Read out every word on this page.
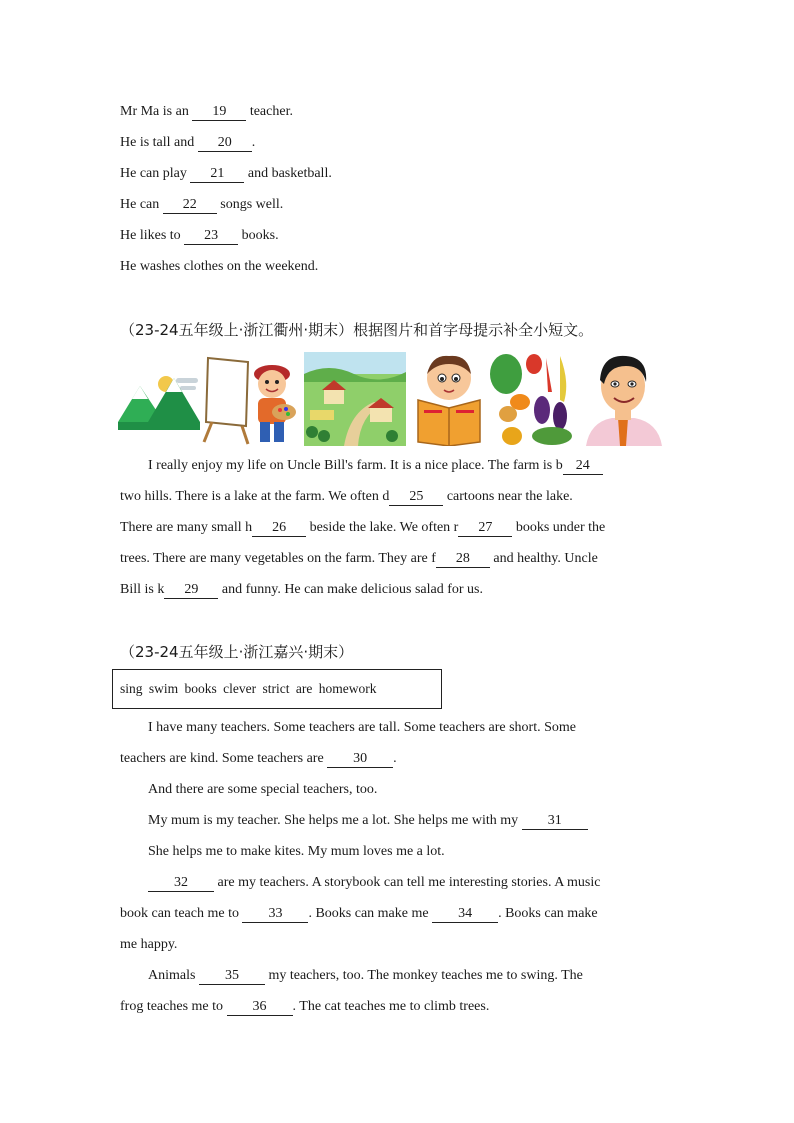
Mr Ma is an 19 teacher.
He is tall and 20 .
He can play 21 and basketball.
He can 22 songs well.
He likes to 23 books.
He washes clothes on the weekend.
（23-24五年级上·浙江衢州·期末）根据图片和首字母提示补全小短文。
I really enjoy my life on Uncle Bill's farm. It is a nice place. The farm is b 24
two hills. There is a lake at the farm. We often d 25 cartoons near the lake.
There are many small h 26 beside the lake. We often r 27 books under the
trees. There are many vegetables on the farm. They are f 28 and healthy. Uncle
Bill is k 29 and funny. He can make delicious salad for us.
（23-24五年级上·浙江嘉兴·期末）
sing swim books clever strict are homework
I have many teachers. Some teachers are tall. Some teachers are short. Some
teachers are kind. Some teachers are 30 .
And there are some special teachers, too.
My mum is my teacher. She helps me a lot. She helps me with my 31
She helps me to make kites. My mum loves me a lot.
32 are my teachers. A storybook can tell me interesting stories. A music
book can teach me to 33 . Books can make me 34 . Books can make
me happy.
Animals 35 my teachers, too. The monkey teaches me to swing. The
frog teaches me to 36 . The cat teaches me to climb trees.
